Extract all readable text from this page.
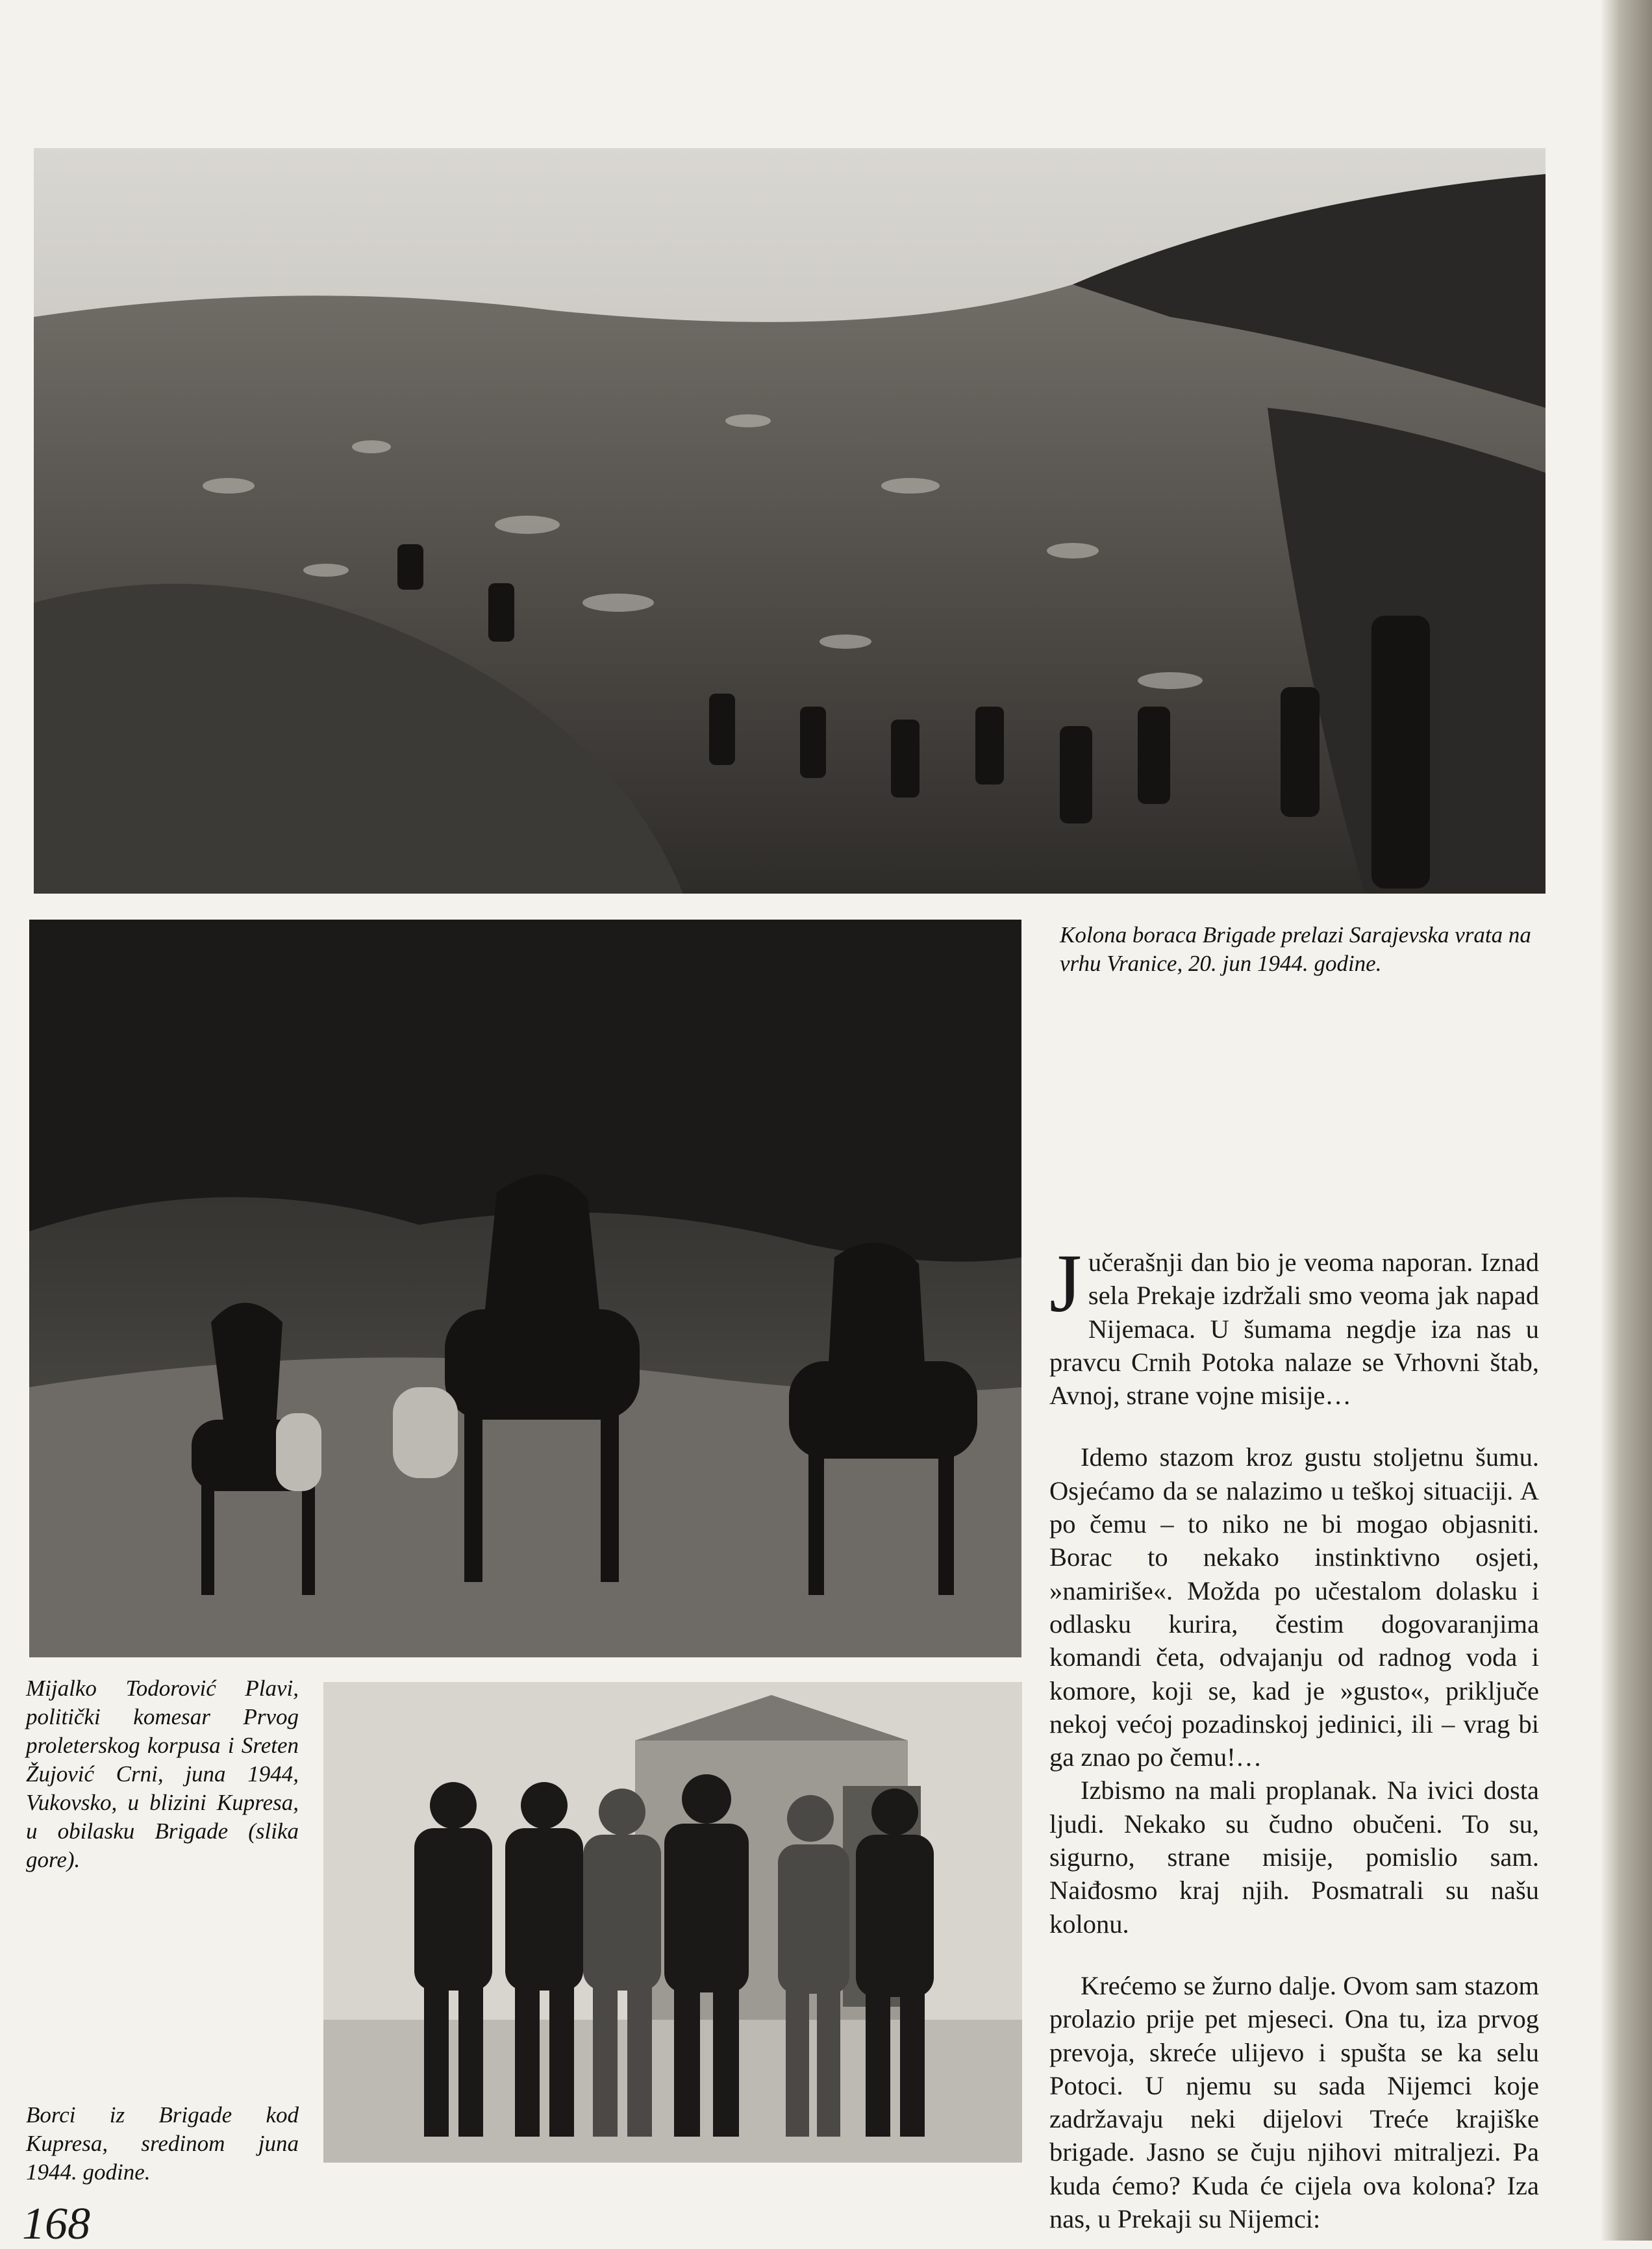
Kolona boraca Brigade prelazi Sarajevska vrata na vrhu Vranice, 20. jun 1944. godine.
Mijalko Todorović Plavi, politički komesar Prvog proleterskog korpusa i Sreten Žujović Crni, juna 1944, Vukovsko, u blizini Kupresa, u obilasku Brigade (slika gore).
Borci iz Brigade kod Kupresa, sredinom juna 1944. godine.

Jučerašnji dan bio je veoma naporan. Iznad sela Prekaje izdržali smo veoma jak napad Nijemaca. U šumama negdje iza nas u pravcu Crnih Potoka nalaze se Vrhovni štab, Avnoj, strane vojne misije…

Idemo stazom kroz gustu stoljetnu šumu. Osjećamo da se nalazimo u teškoj situaciji. A po čemu – to niko ne bi mogao objasniti. Borac to nekako instinktivno osjeti, »namiriše«. Možda po učestalom dolasku i odlasku kurira, čestim dogovaranjima komandi četa, odvajanju od radnog voda i komore, koji se, kad je »gusto«, priključe nekoj većoj pozadinskoj jedinici, ili – vrag bi ga znao po čemu!…

Izbismo na mali proplanak. Na ivici dosta ljudi. Nekako su čudno obučeni. To su, sigurno, strane misije, pomislio sam. Naiđosmo kraj njih. Posmatrali su našu kolonu.

Krećemo se žurno dalje. Ovom sam stazom prolazio prije pet mjeseci. Ona tu, iza prvog prevoja, skreće ulijevo i spušta se ka selu Potoci. U njemu su sada Nijemci koje zadržavaju neki dijelovi Treće krajiške brigade. Jasno se čuju njihovi mitraljezi. Pa kuda ćemo? Kuda će cijela ova kolona? Iza nas, u Prekaji su Nijemci:

168
